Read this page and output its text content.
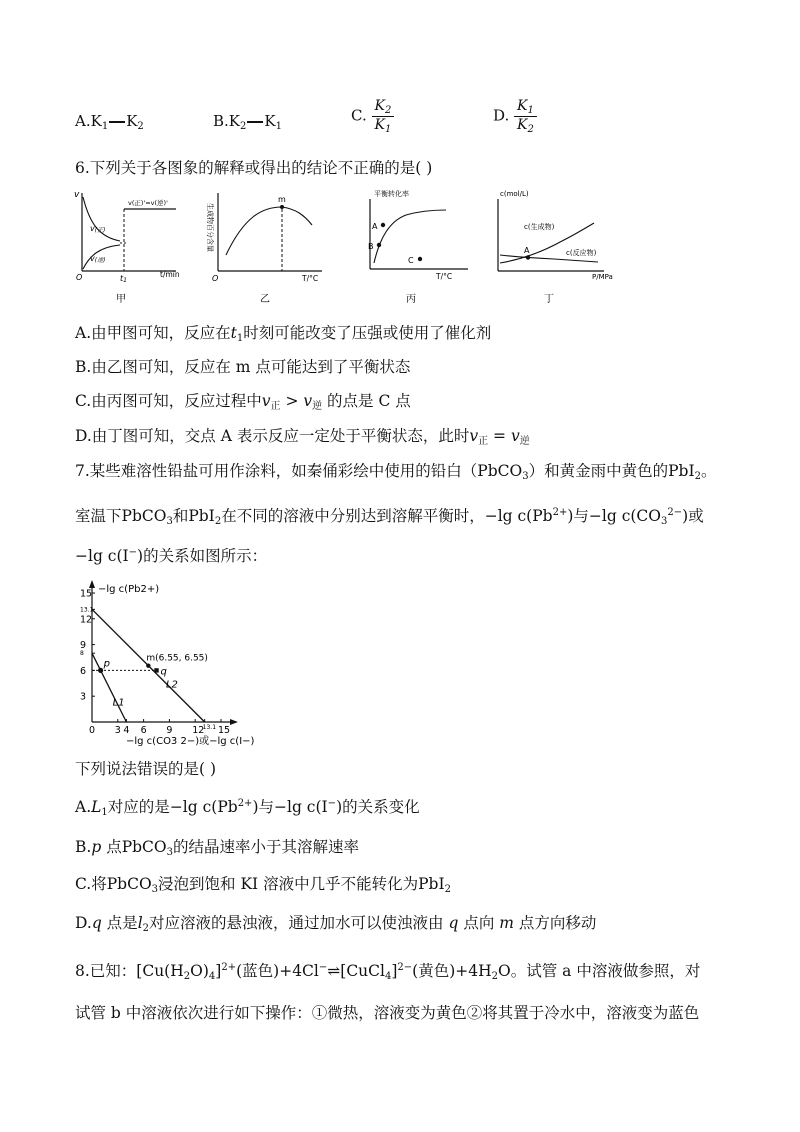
$A.K_1$ $K_2$	$B.K_2$ $K_1$
C. $\frac{K_2}{K_1}$	D. $\frac{K_1}{K_2}$
6.下列关于各图象的解释或得出的结论不正确的是( )
v
v(正)
v(逆)
v(正)'=v(逆)'
O	t1
t/min
甲
m
生成物百分含量
O	T/°C
乙
A
B
C
平衡转化率
T/°C
丙
A
c(mol/L)
c(生成物)
c(反应物)
P/MPa
丁
A.由甲图可知，反应在$t_1$时刻可能改变了压强或使用了催化剂
B.由乙图可知，反应在 m 点可能达到了平衡状态
C.由丙图可知，反应过程中$v_正 > v_逆$ 的点是 C 点
D.由丁图可知，交点 A 表示反应一定处于平衡状态，此时$v_正 = v_逆$
7.某些难溶性铅盐可用作涂料，如秦俑彩绘中使用的铅白（PbCO$_3$）和黄金雨中黄色的PbI$_2$。
室温下PbCO$_3$和PbI$_2$在不同的溶液中分别达到溶解平衡时，−lg $c(Pb^{2+})$与−lg $c(CO_3^{2-})$或
−lg c(I−)的关系如图所示：
−lg c(Pb2+)
−lg c(CO3 2−)或−lg c(I−)
p
q
m(6.55, 6.55)
L1
L2
0 3 4 6 9 12
13.1 15
3
6
8
9
12
13.1
15
下列说法错误的是( )
$A.L_1$对应的是−lg $c(Pb^{2+})$与−lg c(I−)的关系变化
B.p 点PbCO$_3$的结晶速率小于其溶解速率
C.将PbCO$_3$浸泡到饱和 KI 溶液中几乎不能转化为PbI$_2$
D.q 点是$l_2$对应溶液的悬浊液，通过加水可以使浊液由 q 点向 m 点方向移动
8.已知：$[Cu(H_2O)_4]^{2+}$(蓝色)+4Cl−⇌[CuCl$_4$]$^{2-}$(黄色)$+4H_2O$。试管 a 中溶液做参照，对
试管 b 中溶液依次进行如下操作：①微热，溶液变为黄色②将其置于冷水中，溶液变为蓝色
